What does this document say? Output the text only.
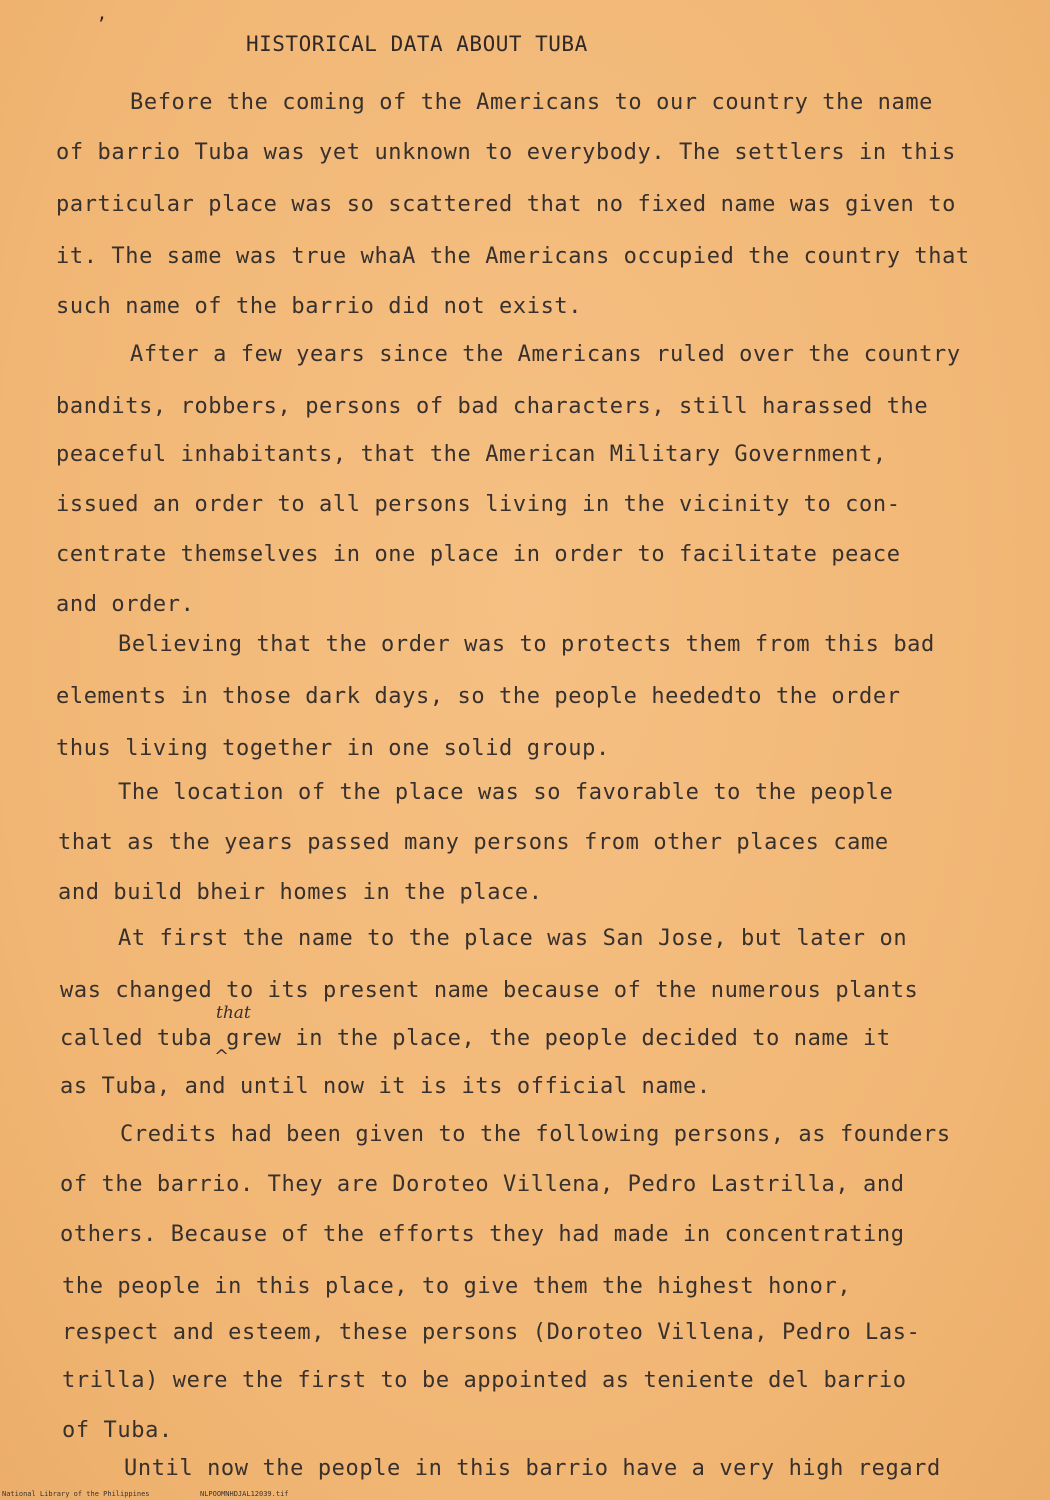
’
HISTORICAL DATA ABOUT TUBA
Before the coming of the Americans to our country the name
of barrio Tuba was yet unknown to everybody. The settlers in this
particular place was so scattered that no fixed name was given to
it. The same was true whaA the Americans occupied the country that
such name of the barrio did not exist.
After a few years since the Americans ruled over the country
bandits, robbers, persons of bad characters, still harassed the
peaceful inhabitants, that the American Military Government,
issued an order to all persons living in the vicinity to con-
centrate themselves in one place in order to facilitate peace
and order.
Believing that the order was to protects them from this bad
elements in those dark days, so the people heededto the order
thus living together in one solid group.
The location of the place was so favorable to the people
that as the years passed many persons from other places came
and build bheir homes in the place.
At first the name to the place was San Jose, but later on
was changed to its present name because of the numerous plants
that
called tuba grew in the place, the people decided to name it
^
as Tuba, and until now it is its official name.
Credits had been given to the following persons, as founders
of the barrio. They are Doroteo Villena, Pedro Lastrilla, and
others. Because of the efforts they had made in concentrating
the people in this place, to give them the highest honor,
respect and esteem, these persons (Doroteo Villena, Pedro Las-
trilla) were the first to be appointed as teniente del barrio
of Tuba.
Until now the people in this barrio have a very high regard
National Library of the Philippines	NLPOOMNHDJAL12039.tif
